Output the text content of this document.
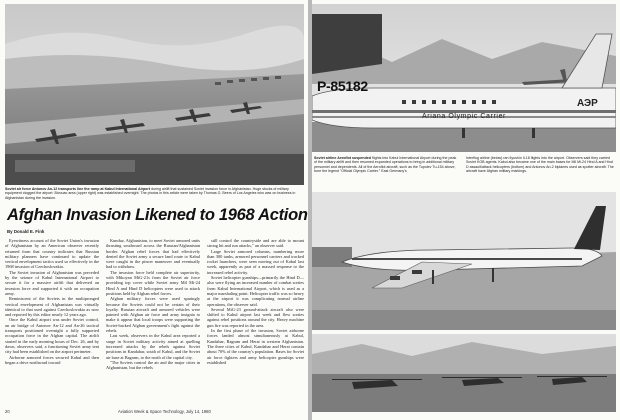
Soviet air force Antonov An-12 transports line the ramp at Kabul International Airport during airlift that sustained Soviet invasion force in Afghanistan. Huge stocks of military equipment clogged the airport. Bivouac area (upper right) was established overnight. The photos in this article were taken by Thomas G. Beers of Los Angeles who was on business in Afghanistan during the invasion.
Afghan Invasion Likened to 1968 Action
By Donald E. Fink

Eyewitness account of the Soviet Union's invasion of Afghanistan by an American observer recently returned from that country indicates that Russian military planners have continued to update the vertical envelopment tactics used so effectively in the 1968 invasion of Czechoslovakia.

The Soviet invasion of Afghanistan was preceded by the seizure of Kabul International Airport to secure it for a massive airlift that delivered an invasion force and supported it with an occupation army.

Reminiscent of the Soviets in the multipronged vertical envelopment of Afghanistan was virtually identical to that used against Czechoslovakia as now and reported by this editor nearly 12 years ago.

Once the Kabul airport was under Soviet control, an air bridge of Antonov An-12 and An-26 tactical transports positioned overnight a fully supported occupation force in the Afghan capital. The airlift started in the early morning hours of Dec. 26, and by dawn, observers said, a functioning Soviet army tent city had been established on the airport perimeter.

Airborne armored forces secured Kabul and then began a drive northward toward

Kunduz, Afghanistan, to meet Soviet armored units thrusting southward across the Russian/Afghanistan border. Afghan rebel forces that had effectively denied the Soviet army a secure land route to Kabul were caught in the pincer maneuver and eventually had to withdraw.

The invasion force held complete air superiority, with Mikoyan MiG-21s from the Soviet air force providing top cover while Soviet army Mil Mi-24 Hind A and Hind D helicopters were used to attack positions held by Afghan rebel forces.

Afghan military forces were used sparingly because the Soviets could not be certain of their loyalty. Russian aircraft and armored vehicles were painted with Afghan air force and army insignia to make it appear that local troops were supporting the Soviet-backed Afghan government's fight against the rebels.

Last week, observers in the Kabul area reported a surge in Soviet military activity aimed at quelling increased attacks by the rebels against Soviet positions in Kandahar, south of Kabul, and the Soviet air base at Bagram, to the north of the capital city.

"The Soviets control the air and the major cities in Afghanistan, but the rebels

still control the countryside and are able to mount strong hit and run attacks," an observer said.

Large Soviet armored columns, numbering more than 300 tanks, armored personnel carriers and tracked rocket launchers, were seen moving out of Kabul last week, apparently as part of a massed response to the increased rebel activity.

Soviet helicopter gunships—primarily the Hind D—also were flying an increased number of combat sorties from Kabul International Airport, which is used as a major marshaling point. Helicopter traffic was so heavy at the airport it was complicating normal airline operations, the observer said.

Several MiG-23 ground-attack aircraft also were shifted to Kabul airport last week and flew sorties against rebel positions around the city. Heavy machine gun fire was reported in the area.

In the first phase of the invasion, Soviet airborne forces landed almost simultaneously at Kabul, Kandahar, Bagram and Herat in western Afghanistan. The three cities of Kabul, Kandahar and Herat contain about 70% of the country's population. Bases for Soviet air force fighters and army helicopter gunships were established

20	Aviation Week & Space Technology, July 14, 1980
P-85182
Ariana Olympic Carrier
АЭР
Soviet airline Aeroflot suspended flights into Kabul International Airport during the peak of the military airlift and then resumed expanded operations to bring in additional military personnel and dependents. All of the Aeroflot aircraft, such as the Tupolev Tu-154 above, bore the legend "Official Olympic Carrier." East Germany's
Interflug airline (below) ran Ilyushin Il-18 flights into the airport. Observers said they carried Soviet KGB agents. Kabul also became one of the main bases for Mil Mi-24 Hind A and Hind D assault/attack helicopters (bottom) and Antonov An-2 biplanes used as spotter aircraft. The aircraft have Afghan military markings.
